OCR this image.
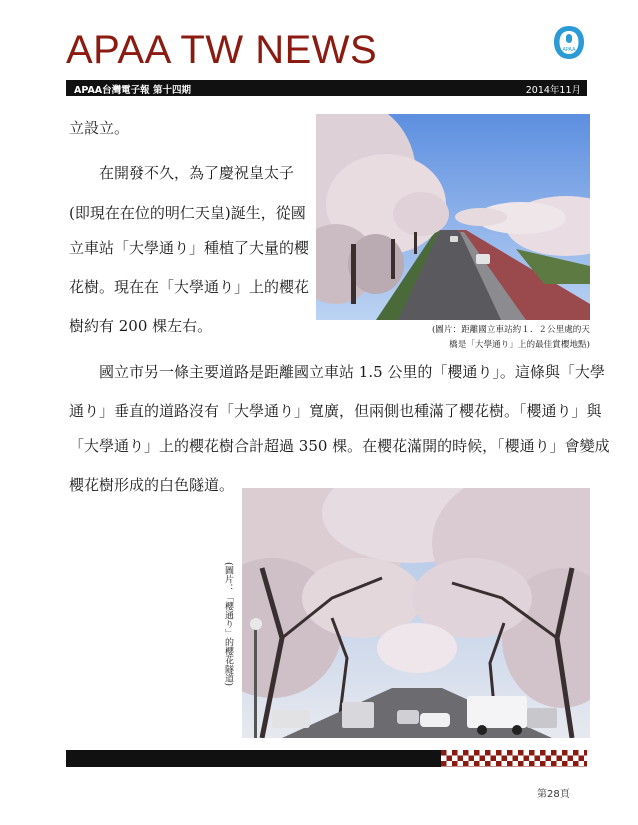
APAA TW NEWS	APAA
APAA台灣電子報 第十四期	2014年11月
立設立。
在開發不久，為了慶祝皇太子
(即現在在位的明仁天皇)誕生，從國
立車站「大學通り」種植了大量的櫻
花樹。現在在「大學通り」上的櫻花
樹約有 200 棵左右。	(圖片：距離國立車站約１．２公里處的天
橋是「大學通り」上的最佳賞櫻地點)
國立市另一條主要道路是距離國立車站 1.5 公里的「櫻通り」。這條與「大學
通り」垂直的道路沒有「大學通り」寬廣，但兩側也種滿了櫻花樹。「櫻通り」與
「大學通り」上的櫻花樹合計超過 350 棵。在櫻花滿開的時候，「櫻通り」會變成
櫻花樹形成的白色隧道。
(圖片：「櫻通り」的櫻花隧道)
第28頁
